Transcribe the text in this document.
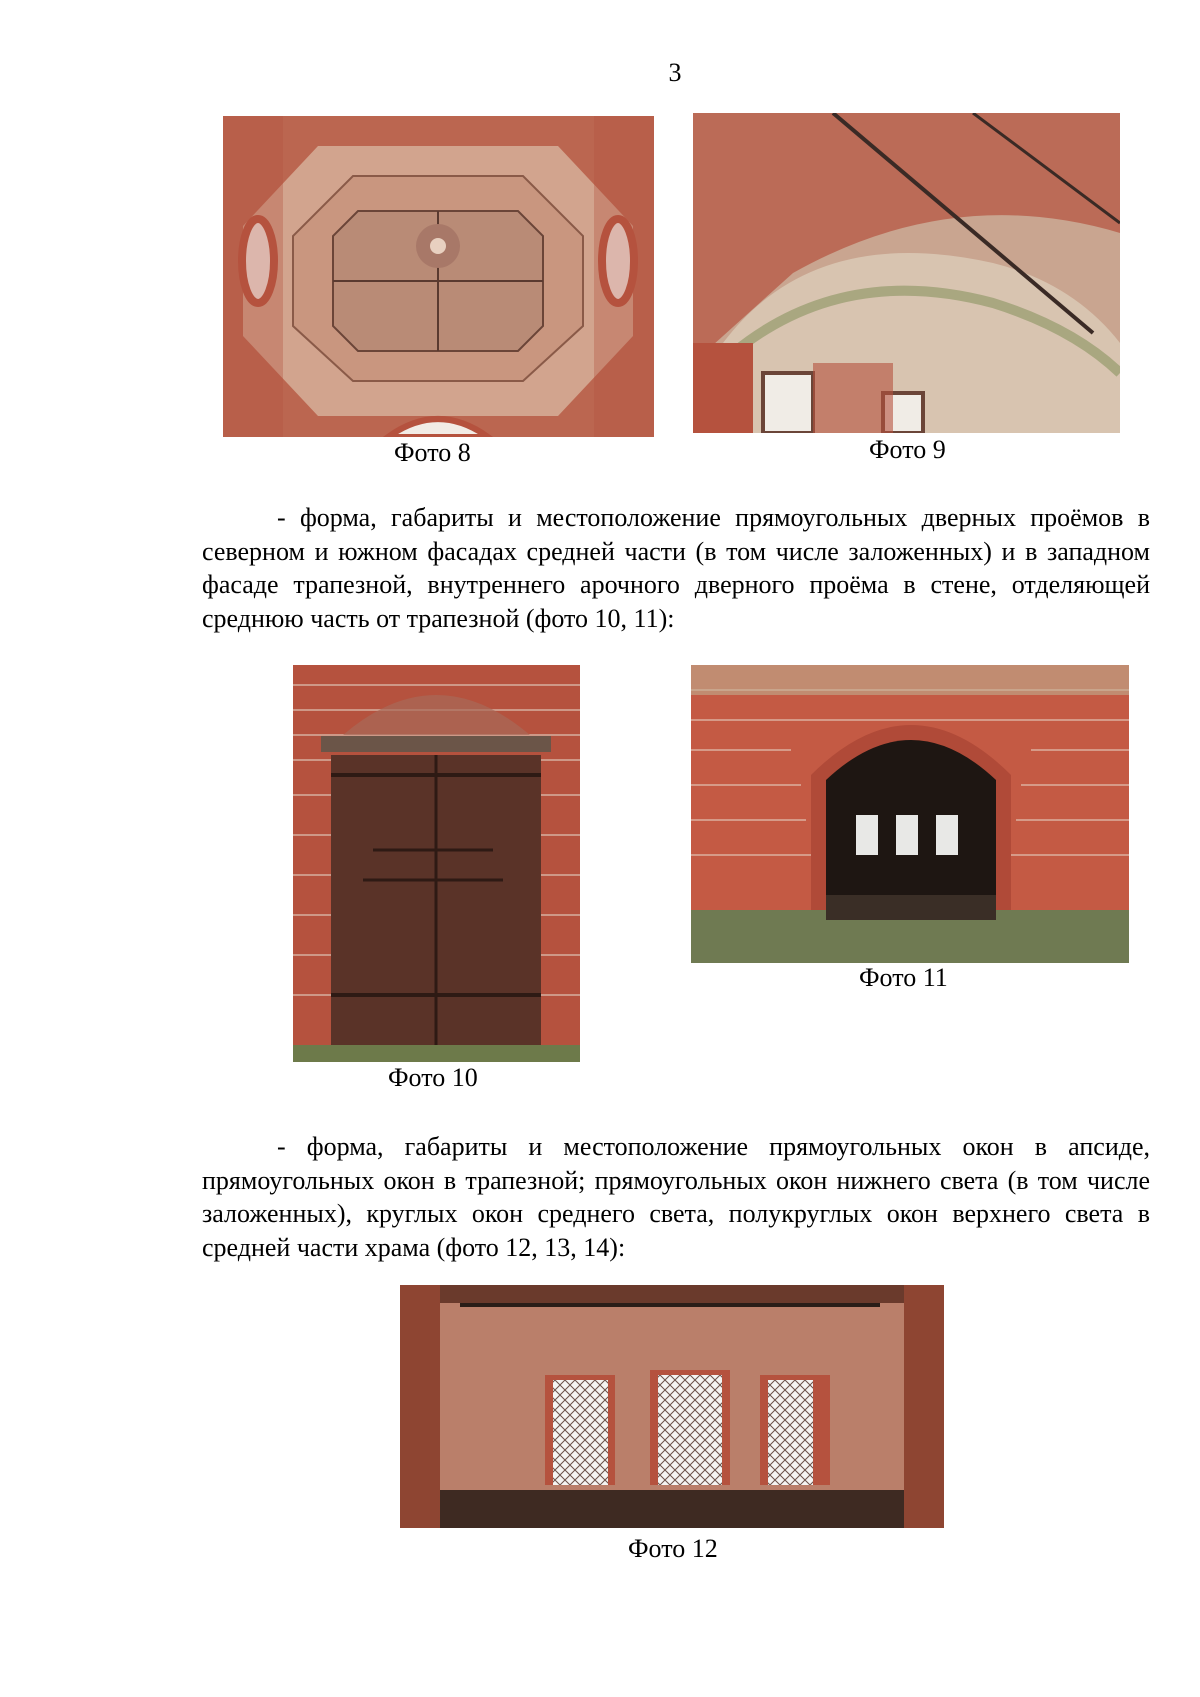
3
Фото 8	Фото 9
- форма, габариты и местоположение прямоугольных дверных проёмов в северном и южном фасадах средней части (в том числе заложенных) и в западном фасаде трапезной, внутреннего арочного дверного проёма в стене, отделяющей среднюю часть от трапезной (фото 10, 11):
Фото 10
Фото 11
- форма, габариты и местоположение прямоугольных окон в апсиде, прямоугольных окон в трапезной; прямоугольных окон нижнего света (в том числе заложенных), круглых окон среднего света, полукруглых окон верхнего света в средней части храма (фото 12, 13, 14):
Фото 12
